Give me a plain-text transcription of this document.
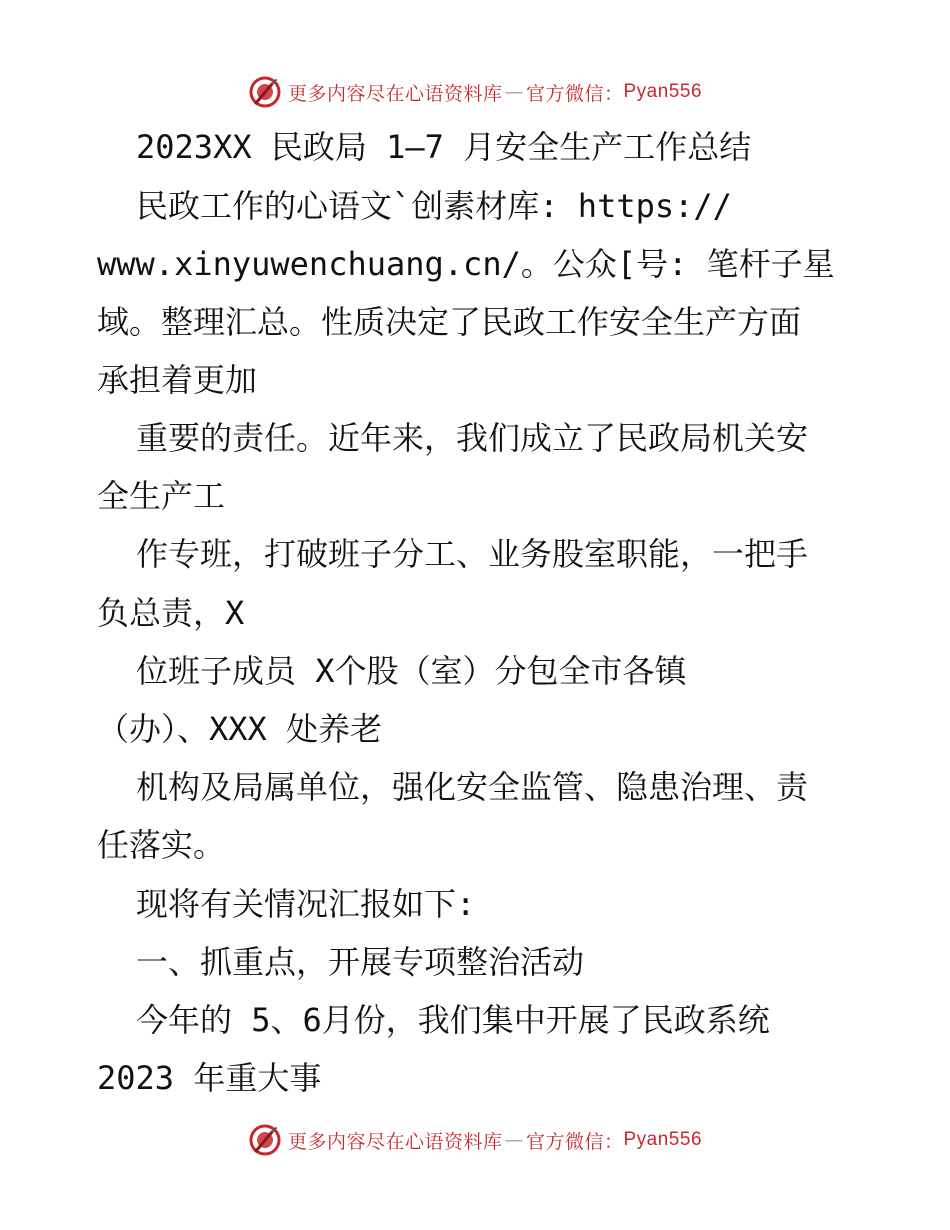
更多内容尽在心语资料库 — 官方微信： Pyan556
2023XX 民政局 1—7 月安全生产工作总结
民政工作的心语文`创素材库: https://
www.xinyuwenchuang.cn/。公众[号: 笔杆子星
域。整理汇总。性质决定了民政工作安全生产方面
承担着更加
重要的责任。近年来，我们成立了民政局机关安
全生产工
作专班，打破班子分工、业务股室职能，一把手
负总责，X
位班子成员 X个股（室）分包全市各镇
（办）、XXX 处养老
机构及局属单位，强化安全监管、隐患治理、责
任落实。
现将有关情况汇报如下:
一、抓重点，开展专项整治活动
今年的 5、6月份，我们集中开展了民政系统
2023 年重大事
更多内容尽在心语资料库 — 官方微信： Pyan556
